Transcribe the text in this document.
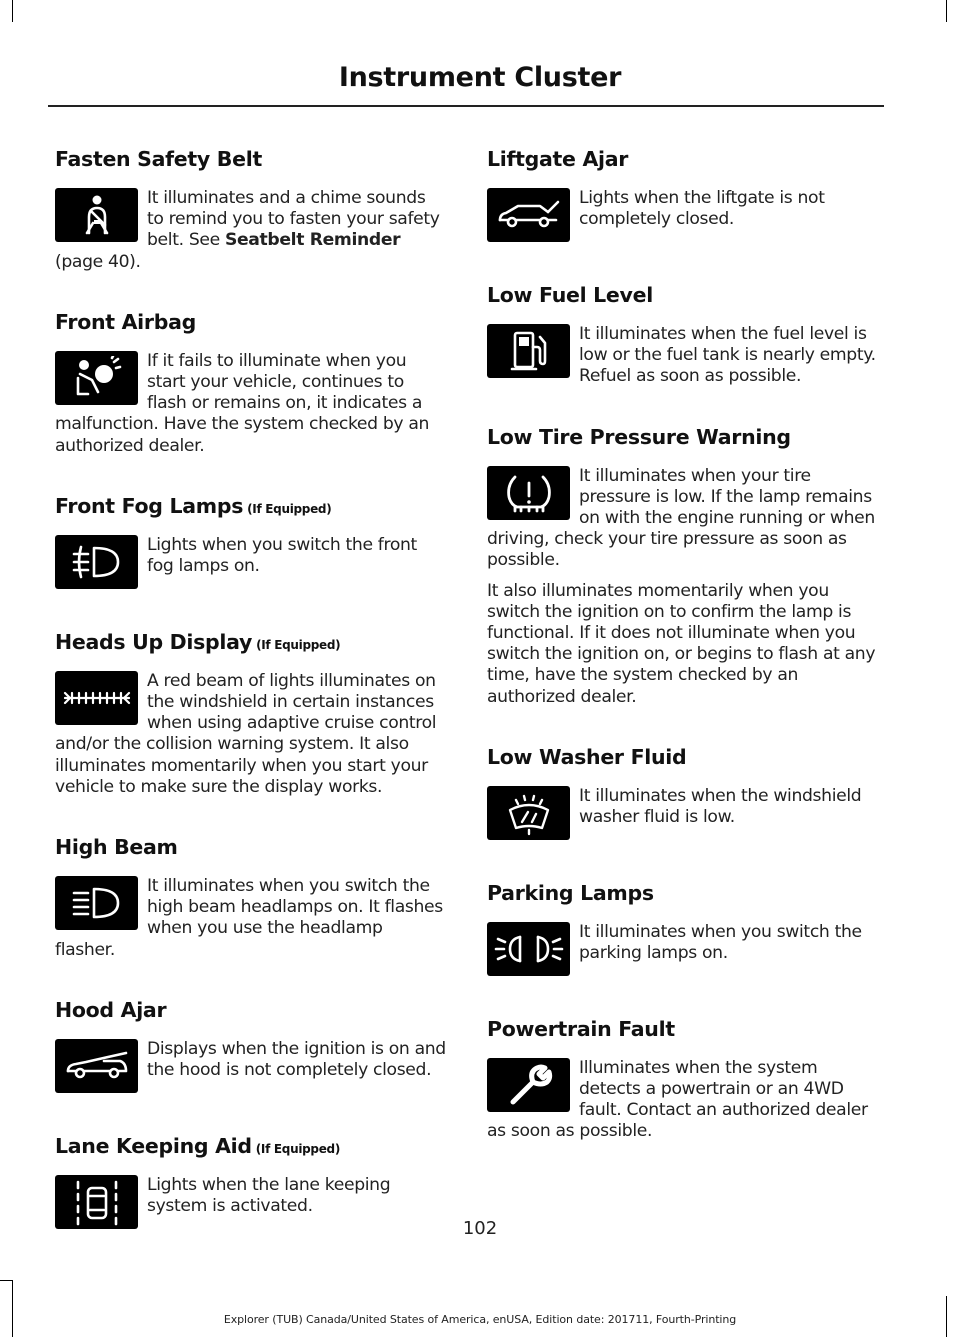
Instrument Cluster
Fasten Safety Belt
It illuminates and a chime sounds to remind you to fasten your safety belt. See Seatbelt Reminder (page 40).
Front Airbag
If it fails to illuminate when you start your vehicle, continues to flash or remains on, it indicates a malfunction. Have the system checked by an authorized dealer.
Front Fog Lamps (If Equipped)
Lights when you switch the front fog lamps on.
Heads Up Display (If Equipped)
A red beam of lights illuminates on the windshield in certain instances when using adaptive cruise control and/or the collision warning system. It also illuminates momentarily when you start your vehicle to make sure the display works.
High Beam
It illuminates when you switch the high beam headlamps on. It flashes when you use the headlamp flasher.
Hood Ajar
Displays when the ignition is on and the hood is not completely closed.
Lane Keeping Aid (If Equipped)
Lights when the lane keeping system is activated.
Liftgate Ajar
Lights when the liftgate is not completely closed.
Low Fuel Level
It illuminates when the fuel level is low or the fuel tank is nearly empty. Refuel as soon as possible.
Low Tire Pressure Warning
It illuminates when your tire pressure is low. If the lamp remains on with the engine running or when driving, check your tire pressure as soon as possible.
It also illuminates momentarily when you switch the ignition on to confirm the lamp is functional. If it does not illuminate when you switch the ignition on, or begins to flash at any time, have the system checked by an authorized dealer.
Low Washer Fluid
It illuminates when the windshield washer fluid is low.
Parking Lamps
It illuminates when you switch the parking lamps on.
Powertrain Fault
Illuminates when the system detects a powertrain or an 4WD fault. Contact an authorized dealer as soon as possible.
102
Explorer (TUB) Canada/United States of America, enUSA, Edition date: 201711, Fourth-Printing
